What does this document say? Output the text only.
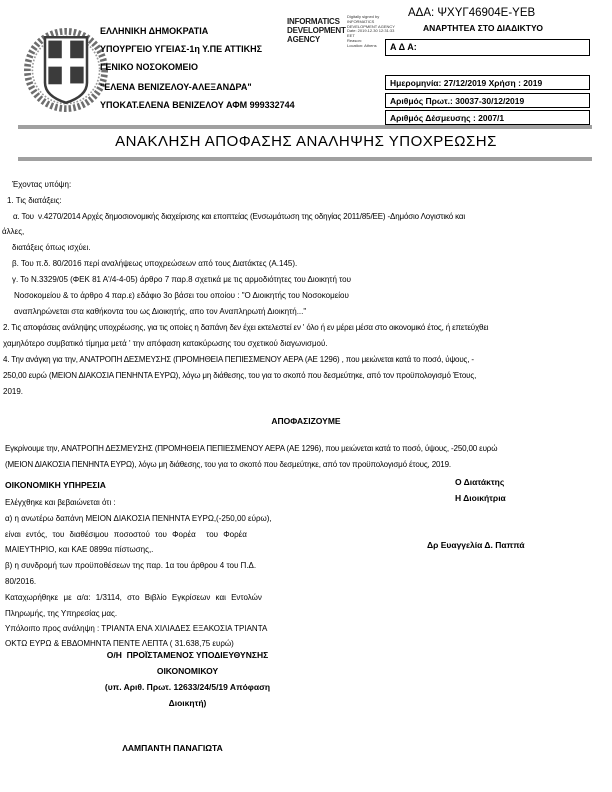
ΕΛΛΗΝΙΚΗ ΔΗΜΟΚΡΑΤΙΑ
ΥΠΟΥΡΓΕΙΟ ΥΓΕΙΑΣ-1η Υ.ΠΕ ΑΤΤΙΚΗΣ
ΓΕΝΙΚΟ ΝΟΣΟΚΟΜΕΙΟ
"ΕΛΕΝΑ ΒΕΝΙΖΕΛΟΥ-ΑΛΕΞΑΝΔΡΑ"
ΥΠΟΚΑΤ.ΕΛΕΝΑ ΒΕΝΙΖΕΛΟΥ ΑΦΜ 999332744
INFORMATICS DEVELOPMENT AGENCY
Digitally signed by
INFORMATICS
DEVELOPMENT AGENCY
Date: 2019.12.30 12:31:33
EET
Reason:
Location: Athens
ΑΔΑ: ΨΧΥΓ46904Ε-ΥΕΒ
ΑΝΑΡΤΗΤΕΑ ΣΤΟ ΔΙΑΔΙΚΤΥΟ
Α Δ Α:
Ημερομηνία: 27/12/2019 Χρήση : 2019
Αριθμός Πρωτ.: 30037-30/12/2019
Αριθμός Δέσμευσης : 2007/1
ΑΝΑΚΛΗΣΗ ΑΠΟΦΑΣΗΣ ΑΝΑΛΗΨΗΣ ΥΠΟΧΡΕΩΣΗΣ
Έχοντας υπόψη:
1. Τις διατάξεις:
α. Του  ν.4270/2014 Αρχές δημοσιονομικής διαχείρισης και εποπτείας (Ενσωμάτωση της οδηγίας 2011/85/ΕΕ) -Δημόσιο Λογιστικό και
άλλες,
διατάξεις όπως ισχύει.
β. Του π.δ. 80/2016 περί αναλήψεως υποχρεώσεων από τους Διατάκτες (Α.145).
γ. Το Ν.3329/05 (ΦΕΚ 81 Α'/4-4-05) άρθρο 7 παρ.8 σχετικά με τις αρμοδιότητες του Διοικητή του
Νοσοκομείου & το άρθρο 4 παρ.ε) εδάφιο 3ο βάσει του οποίου : "Ο Διοικητής του Νοσοκομείου
αναπληρώνεται στα καθήκοντα του ως Διοικητής, απο τον Αναπληρωτή Διοικητή..."
2. Τις αποφάσεις ανάληψης υποχρέωσης, για τις οποίες η δαπάνη δεν έχει εκτελεστεί εν ' όλο ή εν μέρει μέσα στο οικονομικό έτος, ή επετεύχθει
χαμηλότερο συμβατικό τίμημα μετά ' την απόφαση κατακύρωσης του σχετικού διαγωνισμού.
4. Την ανάγκη για την, ΑΝΑΤΡΟΠΗ ΔΕΣΜΕΥΣΗΣ (ΠΡΟΜΗΘΕΙΑ ΠΕΠΙΕΣΜΕΝΟΥ ΑΕΡΑ (ΑΕ 1296) , που μειώνεται κατά το ποσό, ύψους, -
250,00 ευρώ (ΜΕΙΟΝ ΔΙΑΚΟΣΙΑ ΠΕΝΗΝΤΑ ΕΥΡΩ), λόγω μη διάθεσης, του για το σκοπό που δεσμεύτηκε, από τον προϋπολογισμό Έτους,
2019.
ΑΠΟΦΑΣΙΖΟΥΜΕ
Εγκρίνουμε την, ΑΝΑΤΡΟΠΗ ΔΕΣΜΕΥΣΗΣ (ΠΡΟΜΗΘΕΙΑ ΠΕΠΙΕΣΜΕΝΟΥ ΑΕΡΑ (ΑΕ 1296), που μειώνεται κατά το ποσό, ύψους, -250,00 ευρώ
(ΜΕΙΟΝ ΔΙΑΚΟΣΙΑ ΠΕΝΗΝΤΑ ΕΥΡΩ), λόγω μη διάθεσης, του για το σκοπό που δεσμεύτηκε, από τον προϋπολογισμό έτους, 2019.
ΟΙΚΟΝΟΜΙΚΗ ΥΠΗΡΕΣΙΑ
Ελέγχθηκε και βεβαιώνεται ότι :
α) η ανωτέρω δαπάνη ΜΕΙΟΝ ΔΙΑΚΟΣΙΑ ΠΕΝΗΝΤΑ ΕΥΡΩ,(-250,00 εύρω),
είναι εντός, του διαθέσιμου ποσοστού του Φορέα  του Φορέα
ΜΑΙΕΥΤΗΡΙΟ, και ΚΑΕ 0899α πίστωσης,.
β) η συνδρομή των προϋποθέσεων της παρ. 1α του άρθρου 4 του Π.Δ.
80/2016.
Καταχωρήθηκε με α/α: 1/3114, στο Βιβλίο Εγκρίσεων και Εντολών
Πληρωμής, της Υπηρεσίας μας.
Υπόλοιπο προς ανάληψη : ΤΡΙΑΝΤΑ ΕΝΑ ΧΙΛΙΑΔΕΣ ΕΞΑΚΟΣΙΑ ΤΡΙΑΝΤΑ
ΟΚΤΩ ΕΥΡΩ & ΕΒΔΟΜΗΝΤΑ ΠΕΝΤΕ ΛΕΠΤΑ ( 31.638,75 ευρώ)
Ο Διατάκτης
Η Διοικήτρια
Δρ Ευαγγελία Δ. Παππά
Ο/Η  ΠΡΟΪΣΤΑΜΕΝΟΣ ΥΠΟΔΙΕΥΘΥΝΣΗΣ
ΟΙΚΟΝΟΜΙΚΟΥ
(υπ. Αριθ. Πρωτ. 12633/24/5/19 Απόφαση
Διοικητή)
ΛΑΜΠΑΝΤΗ ΠΑΝΑΓΙΩΤΑ
